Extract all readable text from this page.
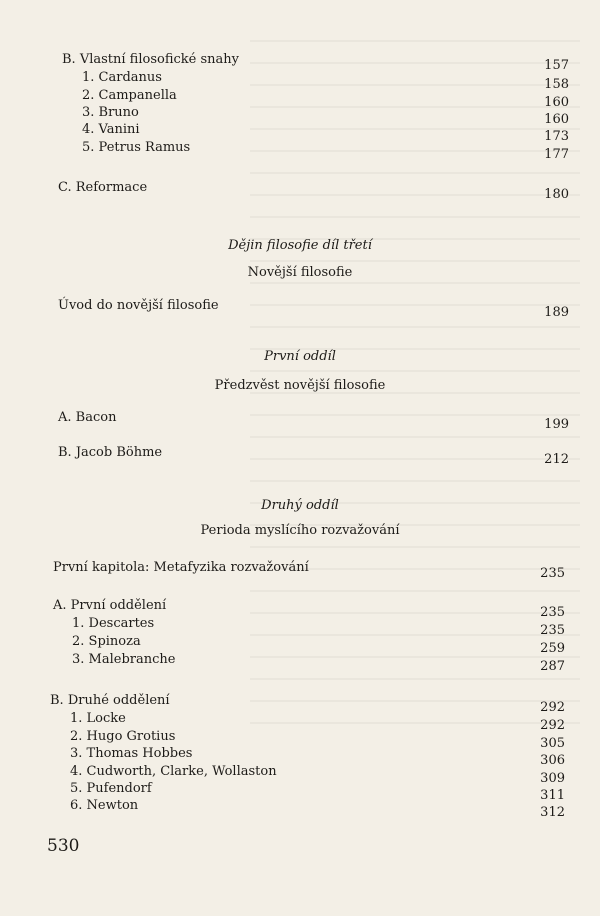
B. Vlastní filosofické snahy	157
1. Cardanus	158
2. Campanella	160
3. Bruno	160
4. Vanini	173
5. Petrus Ramus	177
C. Reformace	180
Dějin filosofie díl třetí
Novější filosofie
Úvod do novější filosofie	189
První oddíl
Předzvěst novější filosofie
A. Bacon	199
B. Jacob Böhme	212
Druhý oddíl
Perioda myslícího rozvažování
První kapitola: Metafyzika rozvažování	235
A. První oddělení	235
1. Descartes	235
2. Spinoza	259
3. Malebranche	287
B. Druhé oddělení	292
1. Locke	292
2. Hugo Grotius	305
3. Thomas Hobbes	306
4. Cudworth, Clarke, Wollaston	309
5. Pufendorf	311
6. Newton	312
530
